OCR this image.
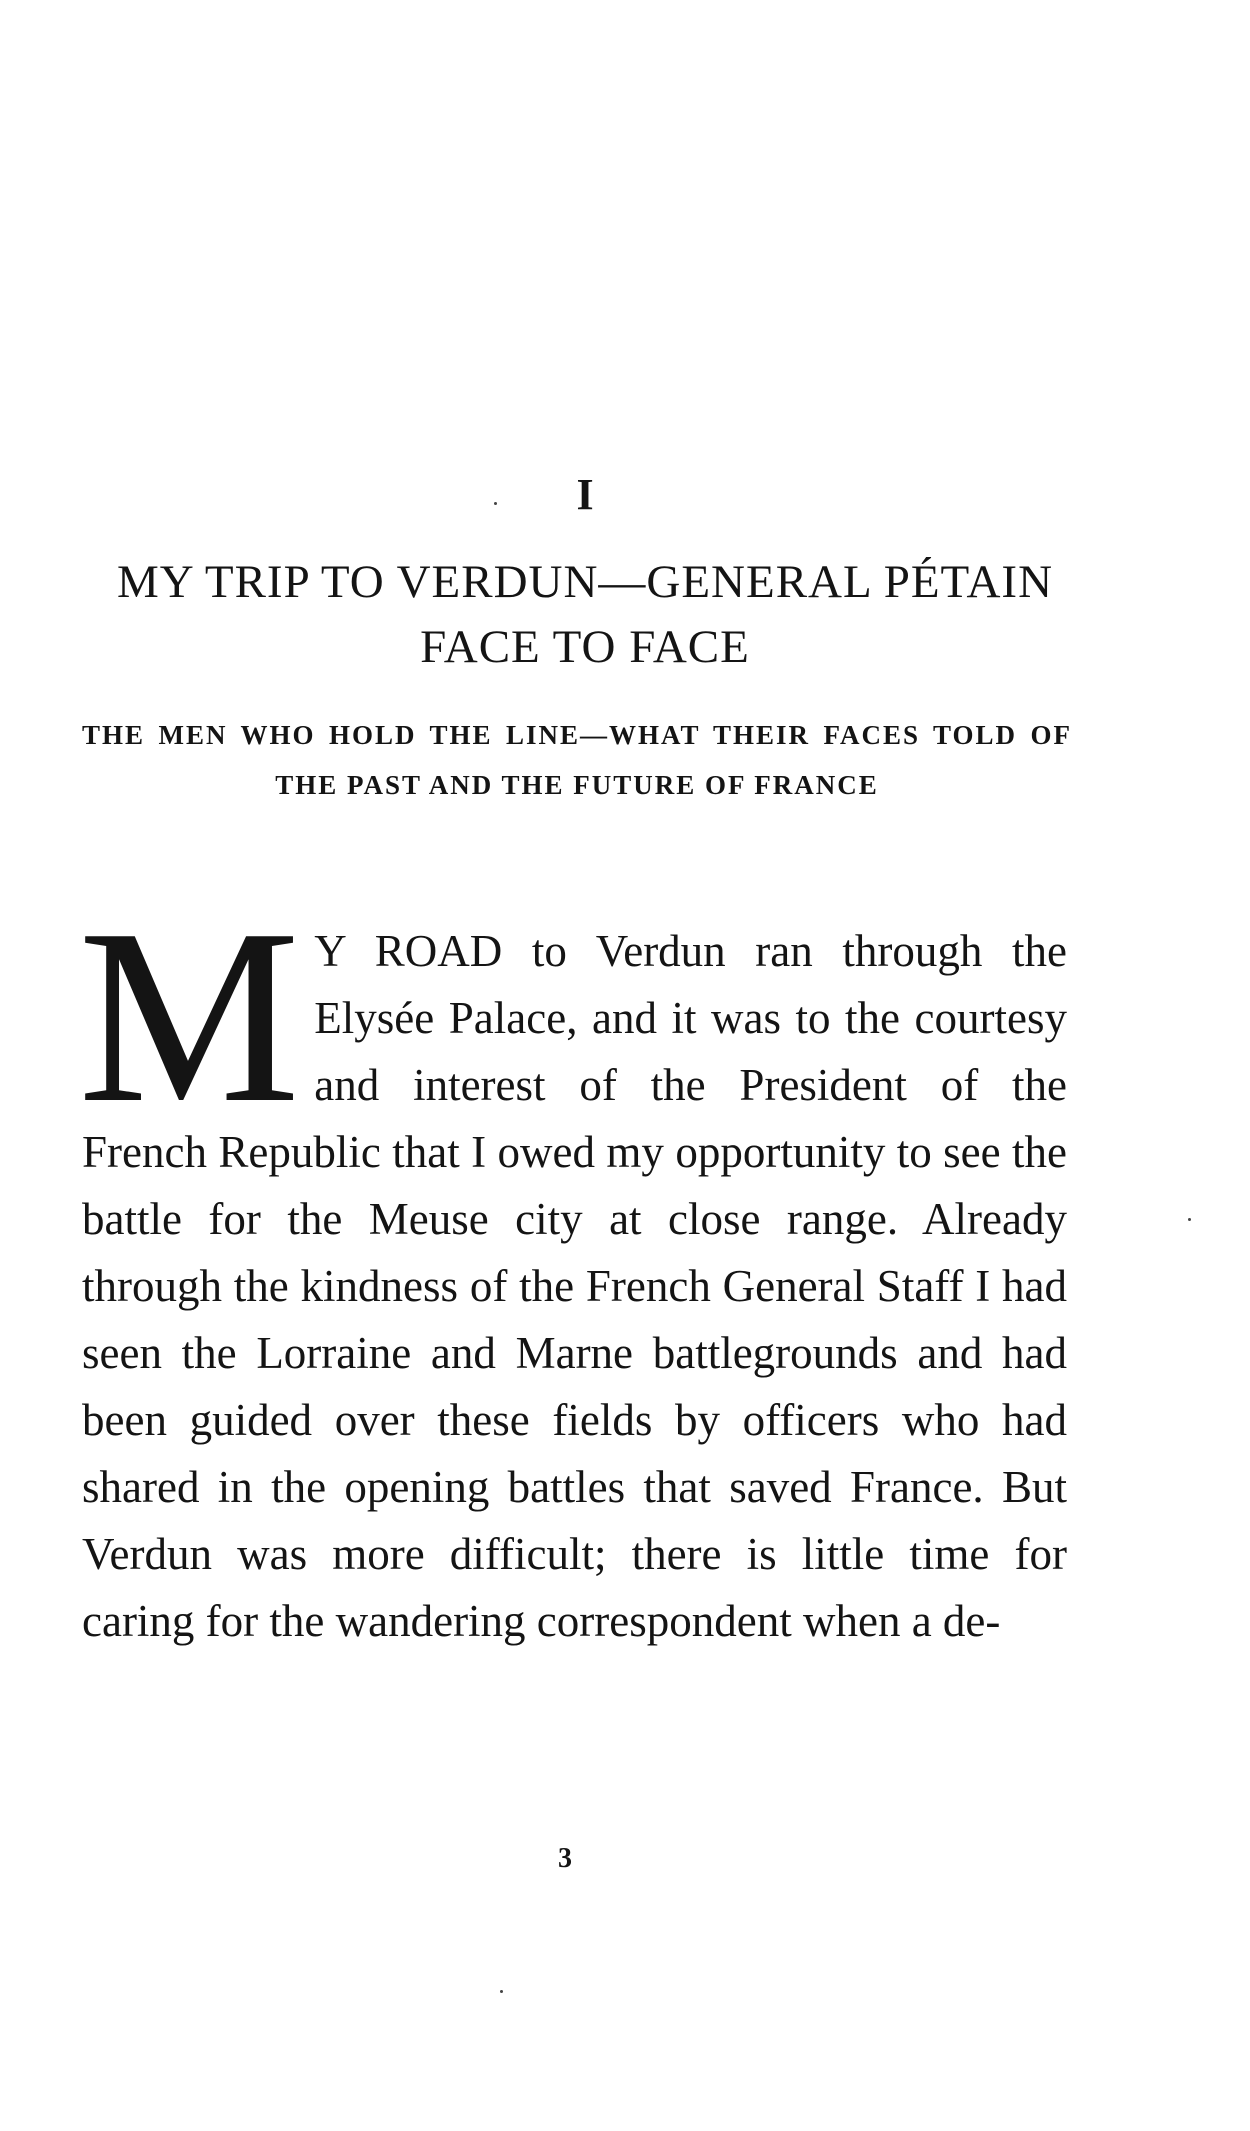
I
MY TRIP TO VERDUN—GENERAL PÉTAIN FACE TO FACE
THE MEN WHO HOLD THE LINE—WHAT THEIR FACES TOLD OF THE PAST AND THE FUTURE OF FRANCE
M Y ROAD to Verdun ran through the Elysée Palace, and it was to the courtesy and interest of the President of the French Republic that I owed my opportunity to see the battle for the Meuse city at close range. Already through the kindness of the French General Staff I had seen the Lorraine and Marne battlegrounds and had been guided over these fields by officers who had shared in the opening battles that saved France. But Verdun was more difficult; there is little time for caring for the wandering correspondent when a de-
3
